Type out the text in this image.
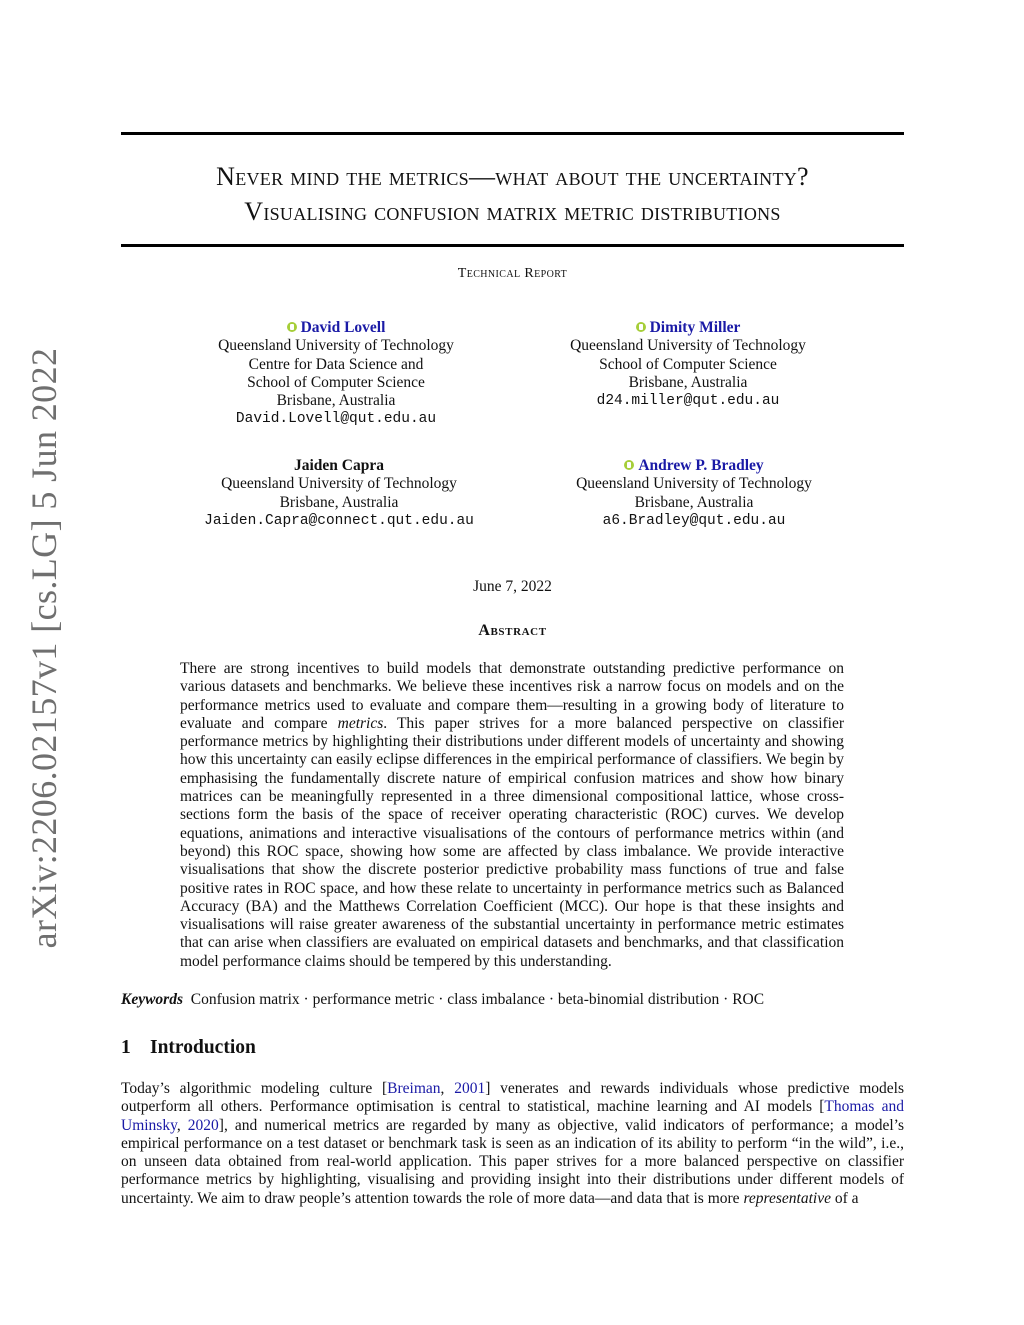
arXiv:2206.02157v1 [cs.LG] 5 Jun 2022
Never mind the metrics—what about the uncertainty?
Visualising confusion matrix metric distributions
Technical Report
David Lovell
Queensland University of Technology
Centre for Data Science and
School of Computer Science
Brisbane, Australia
David.Lovell@qut.edu.au
Dimity Miller
Queensland University of Technology
School of Computer Science
Brisbane, Australia
d24.miller@qut.edu.au
Jaiden Capra
Queensland University of Technology
Brisbane, Australia
Jaiden.Capra@connect.qut.edu.au
Andrew P. Bradley
Queensland University of Technology
Brisbane, Australia
a6.Bradley@qut.edu.au
June 7, 2022
Abstract
There are strong incentives to build models that demonstrate outstanding predictive performance on various datasets and benchmarks. We believe these incentives risk a narrow focus on models and on the performance metrics used to evaluate and compare them—resulting in a growing body of literature to evaluate and compare metrics. This paper strives for a more balanced perspective on classifier performance metrics by highlighting their distributions under different models of uncertainty and showing how this uncertainty can easily eclipse differences in the empirical performance of classifiers. We begin by emphasising the fundamentally discrete nature of empirical confusion matrices and show how binary matrices can be meaningfully represented in a three dimensional compositional lattice, whose cross-sections form the basis of the space of receiver operating characteristic (ROC) curves. We develop equations, animations and interactive visualisations of the contours of performance metrics within (and beyond) this ROC space, showing how some are affected by class imbalance. We provide interactive visualisations that show the discrete posterior predictive probability mass functions of true and false positive rates in ROC space, and how these relate to uncertainty in performance metrics such as Balanced Accuracy (BA) and the Matthews Correlation Coefficient (MCC). Our hope is that these insights and visualisations will raise greater awareness of the substantial uncertainty in performance metric estimates that can arise when classifiers are evaluated on empirical datasets and benchmarks, and that classification model performance claims should be tempered by this understanding.
Keywords Confusion matrix · performance metric · class imbalance · beta-binomial distribution · ROC
1 Introduction
Today’s algorithmic modeling culture [Breiman, 2001] venerates and rewards individuals whose predictive models outperform all others. Performance optimisation is central to statistical, machine learning and AI models [Thomas and Uminsky, 2020], and numerical metrics are regarded by many as objective, valid indicators of performance; a model’s empirical performance on a test dataset or benchmark task is seen as an indication of its ability to perform “in the wild”, i.e., on unseen data obtained from real-world application. This paper strives for a more balanced perspective on classifier performance metrics by highlighting, visualising and providing insight into their distributions under different models of uncertainty. We aim to draw people’s attention towards the role of more data—and data that is more representative of a
